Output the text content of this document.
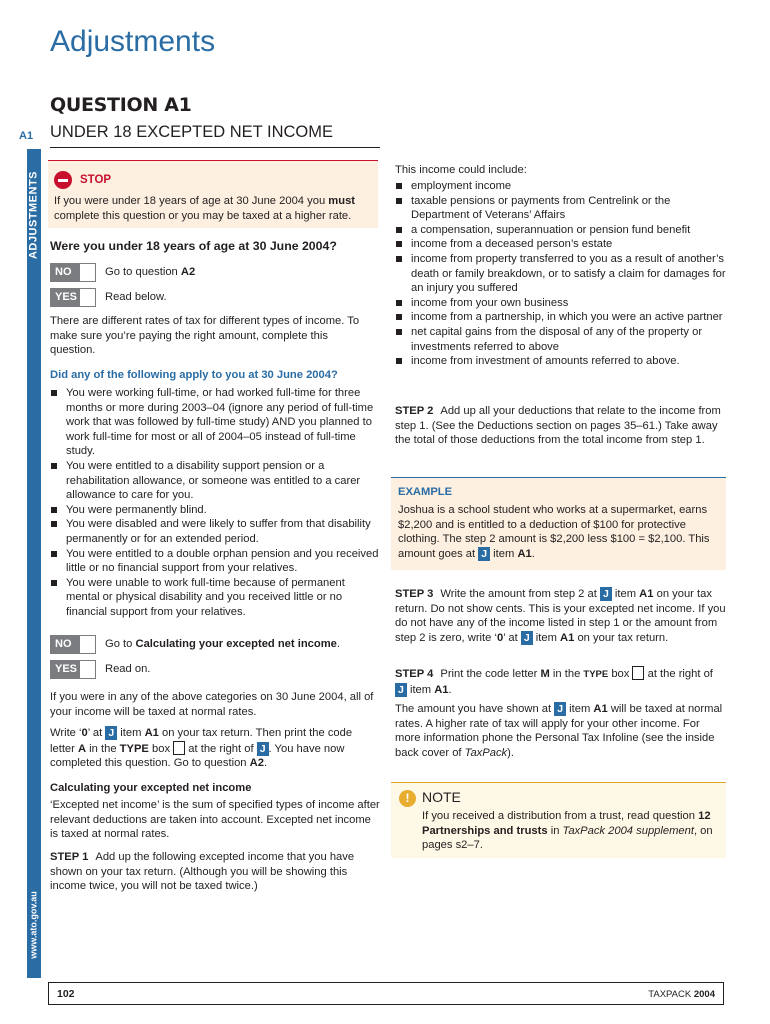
Adjustments
QUESTION A1
A1 UNDER 18 EXCEPTED NET INCOME
ADJUSTMENTS
www.ato.gov.au
STOP
If you were under 18 years of age at 30 June 2004 you must complete this question or you may be taxed at a higher rate.
Were you under 18 years of age at 30 June 2004?
NO	Go to question A2
YES Read below.
There are different rates of tax for different types of income. To make sure you’re paying the right amount, complete this question.
Did any of the following apply to you at 30 June 2004?
You were working full-time, or had worked full-time for three months or more during 2003–04 (ignore any period of full-time work that was followed by full-time study) AND you planned to work full-time for most or all of 2004–05 instead of full-time study.
You were entitled to a disability support pension or a rehabilitation allowance, or someone was entitled to a carer allowance to care for you.
You were permanently blind.
You were disabled and were likely to suffer from that disability permanently or for an extended period.
You were entitled to a double orphan pension and you received little or no financial support from your relatives.
You were unable to work full-time because of permanent mental or physical disability and you received little or no financial support from your relatives.
NO	Go to Calculating your excepted net income.
YES Read on.
If you were in any of the above categories on 30 June 2004, all of your income will be taxed at normal rates.
Write ‘0’ at J item A1 on your tax return. Then print the code letter A in the TYPE box  at the right of J . You have now completed this question. Go to question A2.
Calculating your excepted net income
‘Excepted net income’ is the sum of specified types of income after relevant deductions are taken into account. Excepted net income is taxed at normal rates.
STEP 1 Add up the following excepted income that you have shown on your tax return. (Although you will be showing this income twice, you will not be taxed twice.)
This income could include:
employment income
taxable pensions or payments from Centrelink or the Department of Veterans’ Affairs
a compensation, superannuation or pension fund benefit
income from a deceased person’s estate
income from property transferred to you as a result of another’s death or family breakdown, or to satisfy a claim for damages for an injury you suffered
income from your own business
income from a partnership, in which you were an active partner
net capital gains from the disposal of any of the property or investments referred to above
income from investment of amounts referred to above.
STEP 2 Add up all your deductions that relate to the income from step 1. (See the Deductions section on pages 35–61.) Take away the total of those deductions from the total income from step 1.
EXAMPLE
Joshua is a school student who works at a supermarket, earns $2,200 and is entitled to a deduction of $100 for protective clothing. The step 2 amount is $2,200 less $100 = $2,100. This amount goes at J item A1.
STEP 3 Write the amount from step 2 at J item A1 on your tax return. Do not show cents. This is your excepted net income. If you do not have any of the income listed in step 1 or the amount from step 2 is zero, write ‘0’ at J item A1 on your tax return.
STEP 4 Print the code letter M in the TYPE box  at the right of J item A1.
The amount you have shown at J item A1 will be taxed at normal rates. A higher rate of tax will apply for your other income. For more information phone the Personal Tax Infoline (see the inside back cover of TaxPack).
! NOTE
If you received a distribution from a trust, read question 12 Partnerships and trusts in TaxPack 2004 supplement, on pages s2–7.
102	TAXPACK 2004
